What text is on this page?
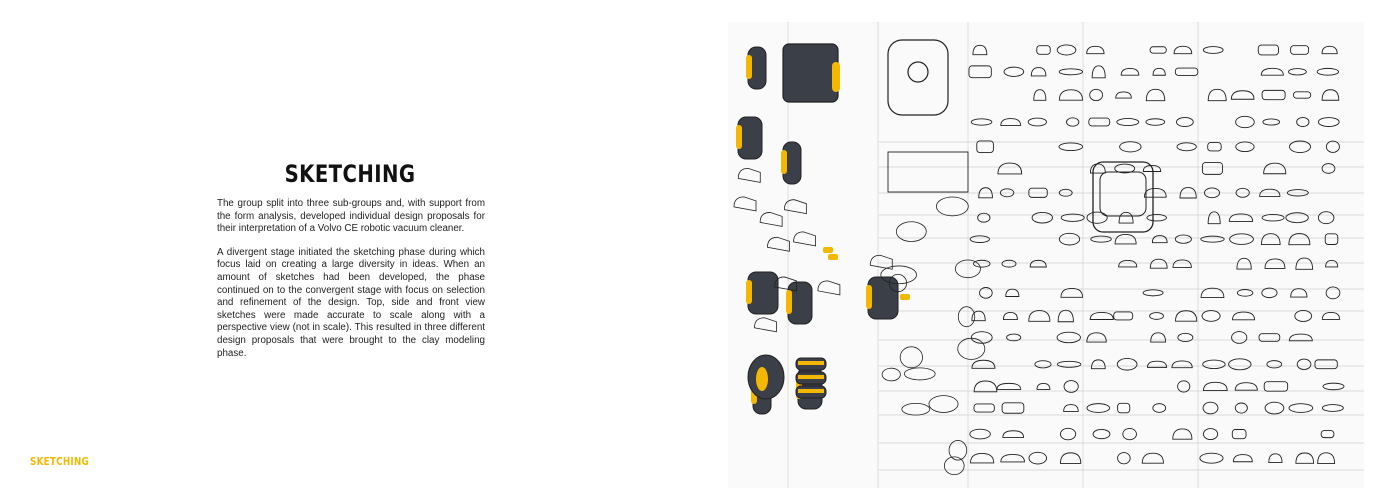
SKETCHING

The group split into three sub-groups and, with support from the form analysis, developed individual design proposals for their interpretation of a Volvo CE robotic vacuum cleaner.

A divergent stage initiated the sketching phase during which focus laid on creating a large diversity in ideas. When an amount of sketches had been developed, the phase continued on to the convergent stage with focus on selection and refinement of the design. Top, side and front view sketches were made accurate to scale along with a perspective view (not in scale). This resulted in three different design proposals that were brought to the clay modeling phase.

SKETCHING
